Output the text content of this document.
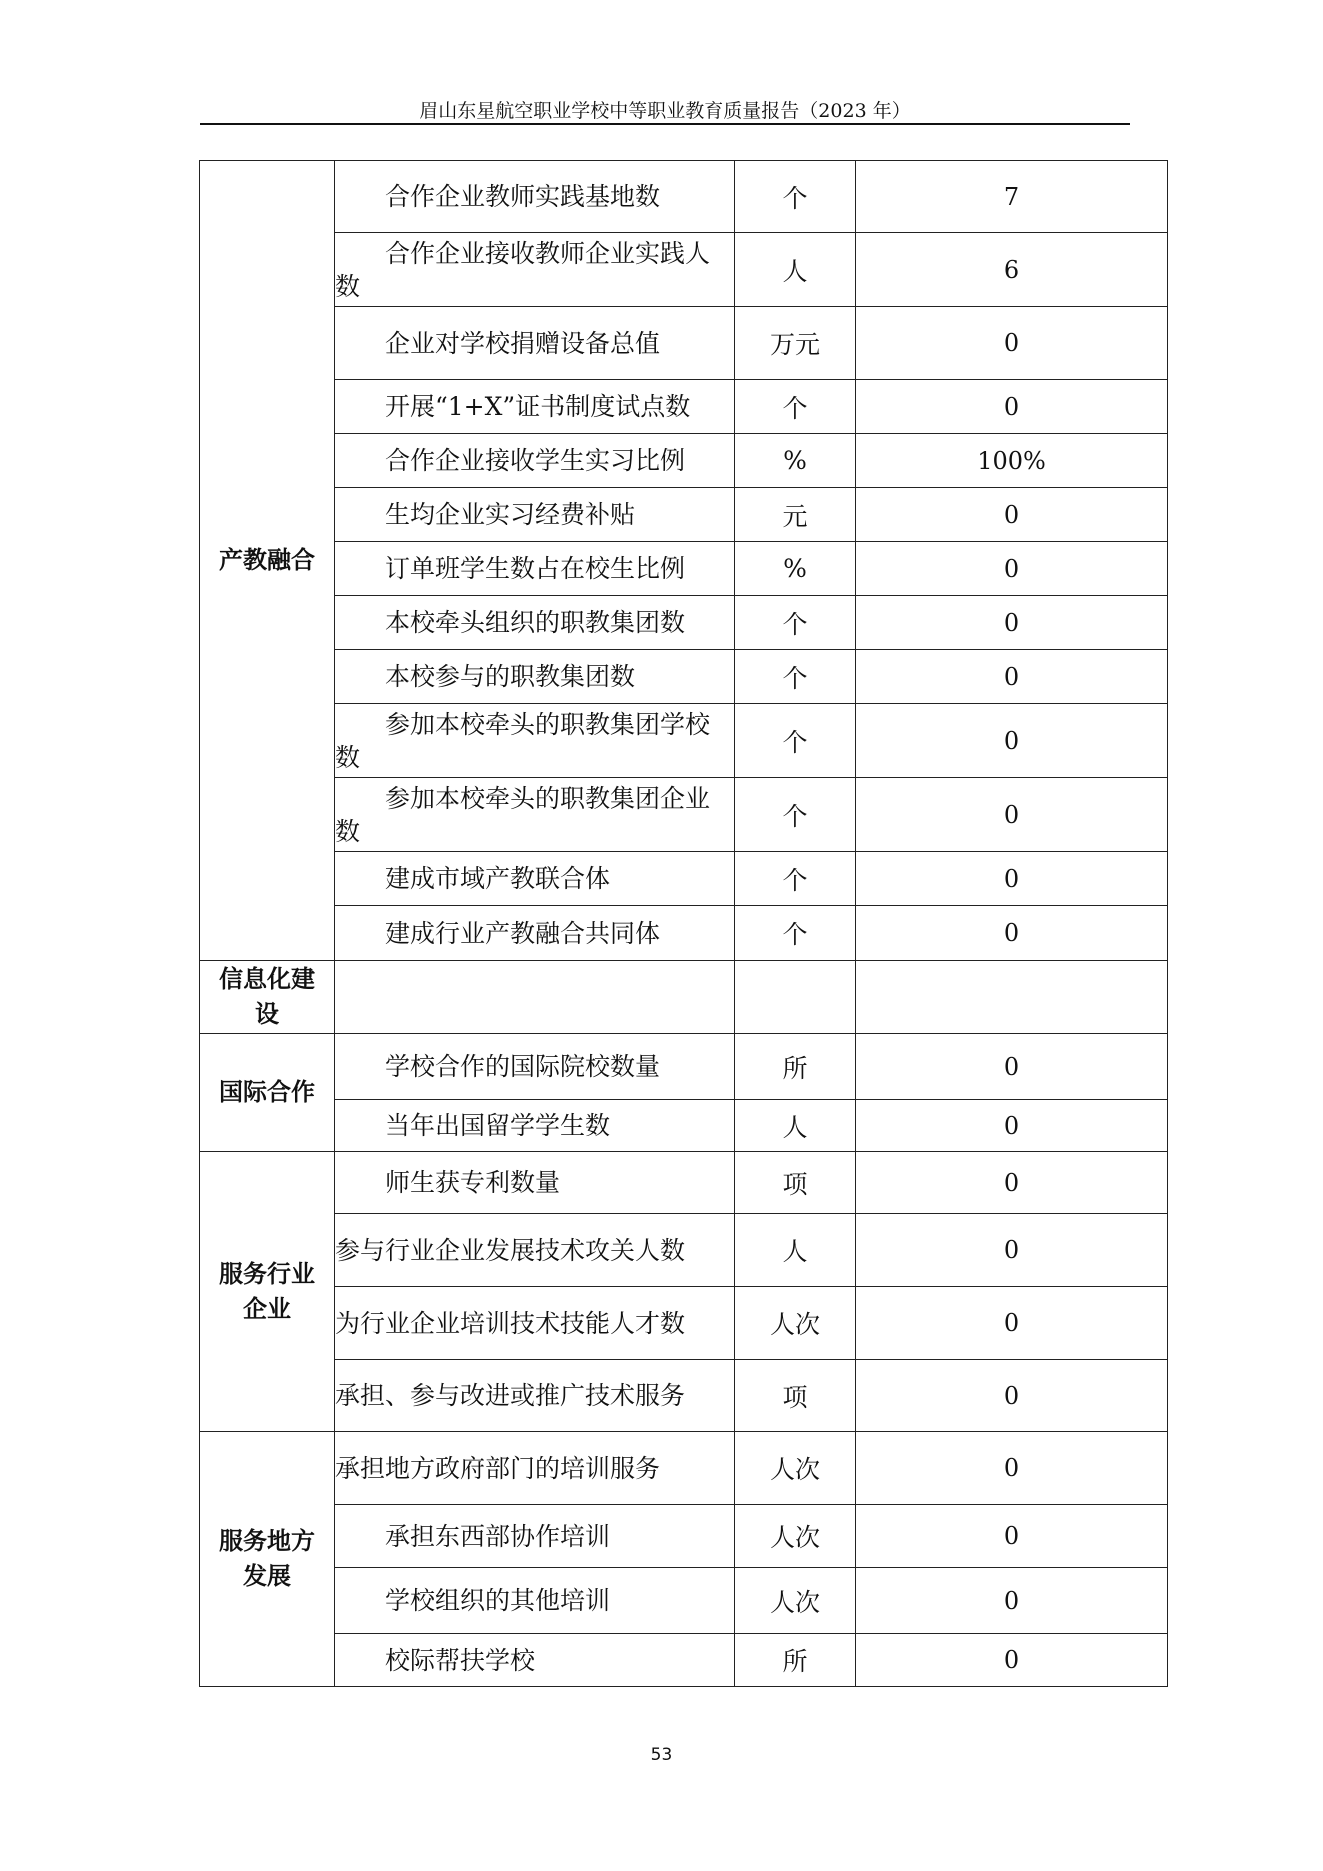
眉山东星航空职业学校中等职业教育质量报告（2023 年）
产教融合	合作企业教师实践基地数	个	7
	合作企业接收教师企业实践人数	人	6
	企业对学校捐赠设备总值	万元	0
	开展“1+X”证书制度试点数	个	0
	合作企业接收学生实习比例	%	100%
	生均企业实习经费补贴	元	0
	订单班学生数占在校生比例	%	0
	本校牵头组织的职教集团数	个	0
	本校参与的职教集团数	个	0
	参加本校牵头的职教集团学校数	个	0
	参加本校牵头的职教集团企业数	个	0
	建成市域产教联合体	个	0
	建成行业产教融合共同体	个	0
信息化建设			
国际合作	学校合作的国际院校数量	所	0
	当年出国留学学生数	人	0
服务行业企业	师生获专利数量	项	0
	参与行业企业发展技术攻关人数	人	0
	为行业企业培训技术技能人才数	人次	0
	承担、参与改进或推广技术服务	项	0
服务地方发展	承担地方政府部门的培训服务	人次	0
	承担东西部协作培训	人次	0
	学校组织的其他培训	人次	0
	校际帮扶学校	所	0
53
